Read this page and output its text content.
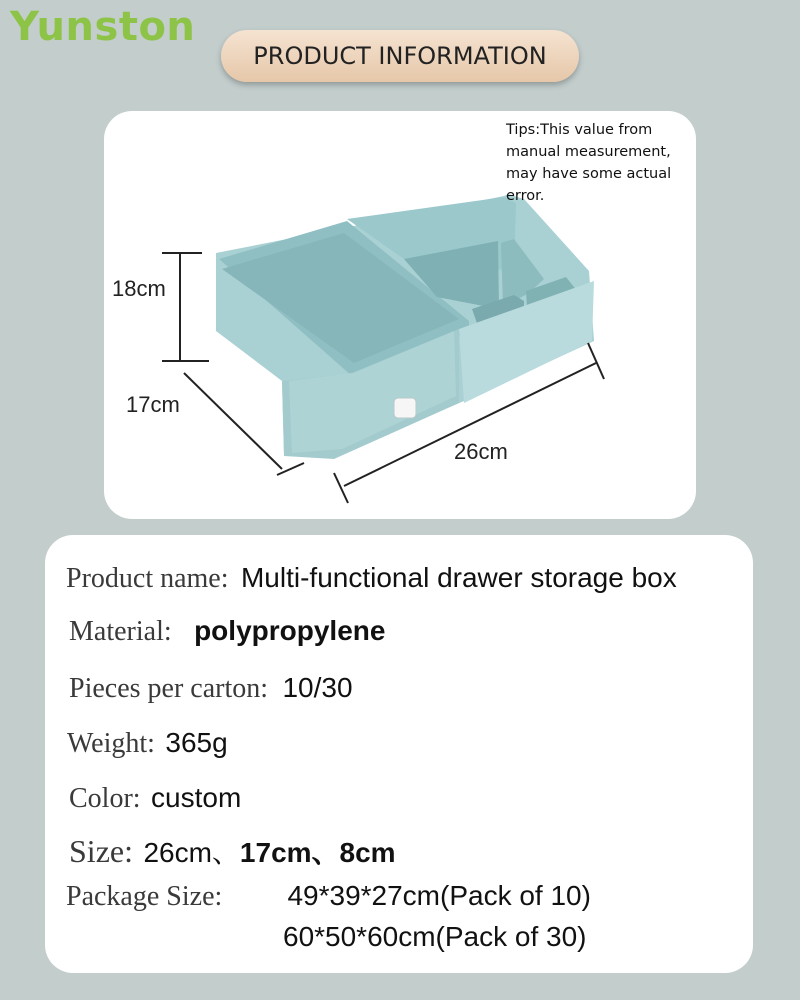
Yunston
PRODUCT INFORMATION
Tips:This value from manual measurement, may have some actual error.
18cm
17cm
26cm
Product name: Multi-functional drawer storage box
Material: polypropylene
Pieces per carton: 10/30
Weight: 365g
Color: custom
Size: 26cm、17cm、8cm
Package Size: 49*39*27cm(Pack of 10)
60*50*60cm(Pack of 30)
